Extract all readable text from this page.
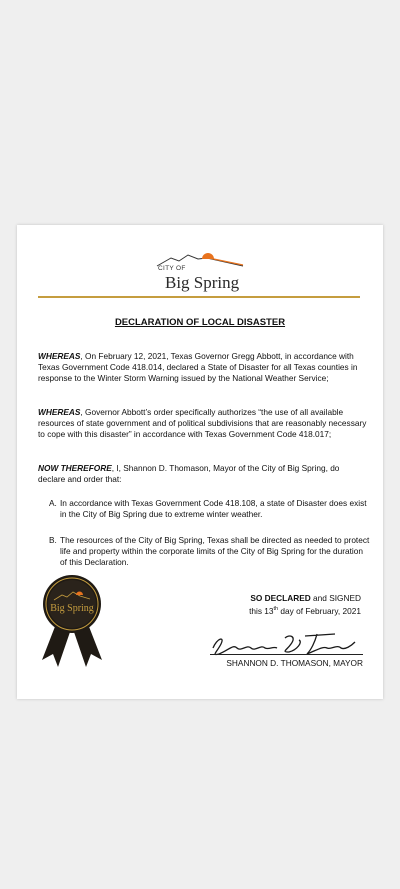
CITY OF
Big Spring
DECLARATION OF LOCAL DISASTER
WHEREAS, On February 12, 2021, Texas Governor Gregg Abbott, in accordance with Texas Government Code 418.014, declared a State of Disaster for all Texas counties in response to the Winter Storm Warning issued by the National Weather Service;
WHEREAS, Governor Abbott’s order specifically authorizes “the use of all available resources of state government and of political subdivisions that are reasonably necessary to cope with this disaster” in accordance with Texas Government Code 418.017;
NOW THEREFORE, I, Shannon D. Thomason, Mayor of the City of Big Spring, do declare and order that:
A. In accordance with Texas Government Code 418.108, a state of Disaster does exist in the City of Big Spring due to extreme winter weather.
B. The resources of the City of Big Spring, Texas shall be directed as needed to protect life and property within the corporate limits of the City of Big Spring for the duration of this Declaration.
Big Spring
SO DECLARED and SIGNED
this 13th day of February, 2021
SHANNON D. THOMASON, MAYOR
